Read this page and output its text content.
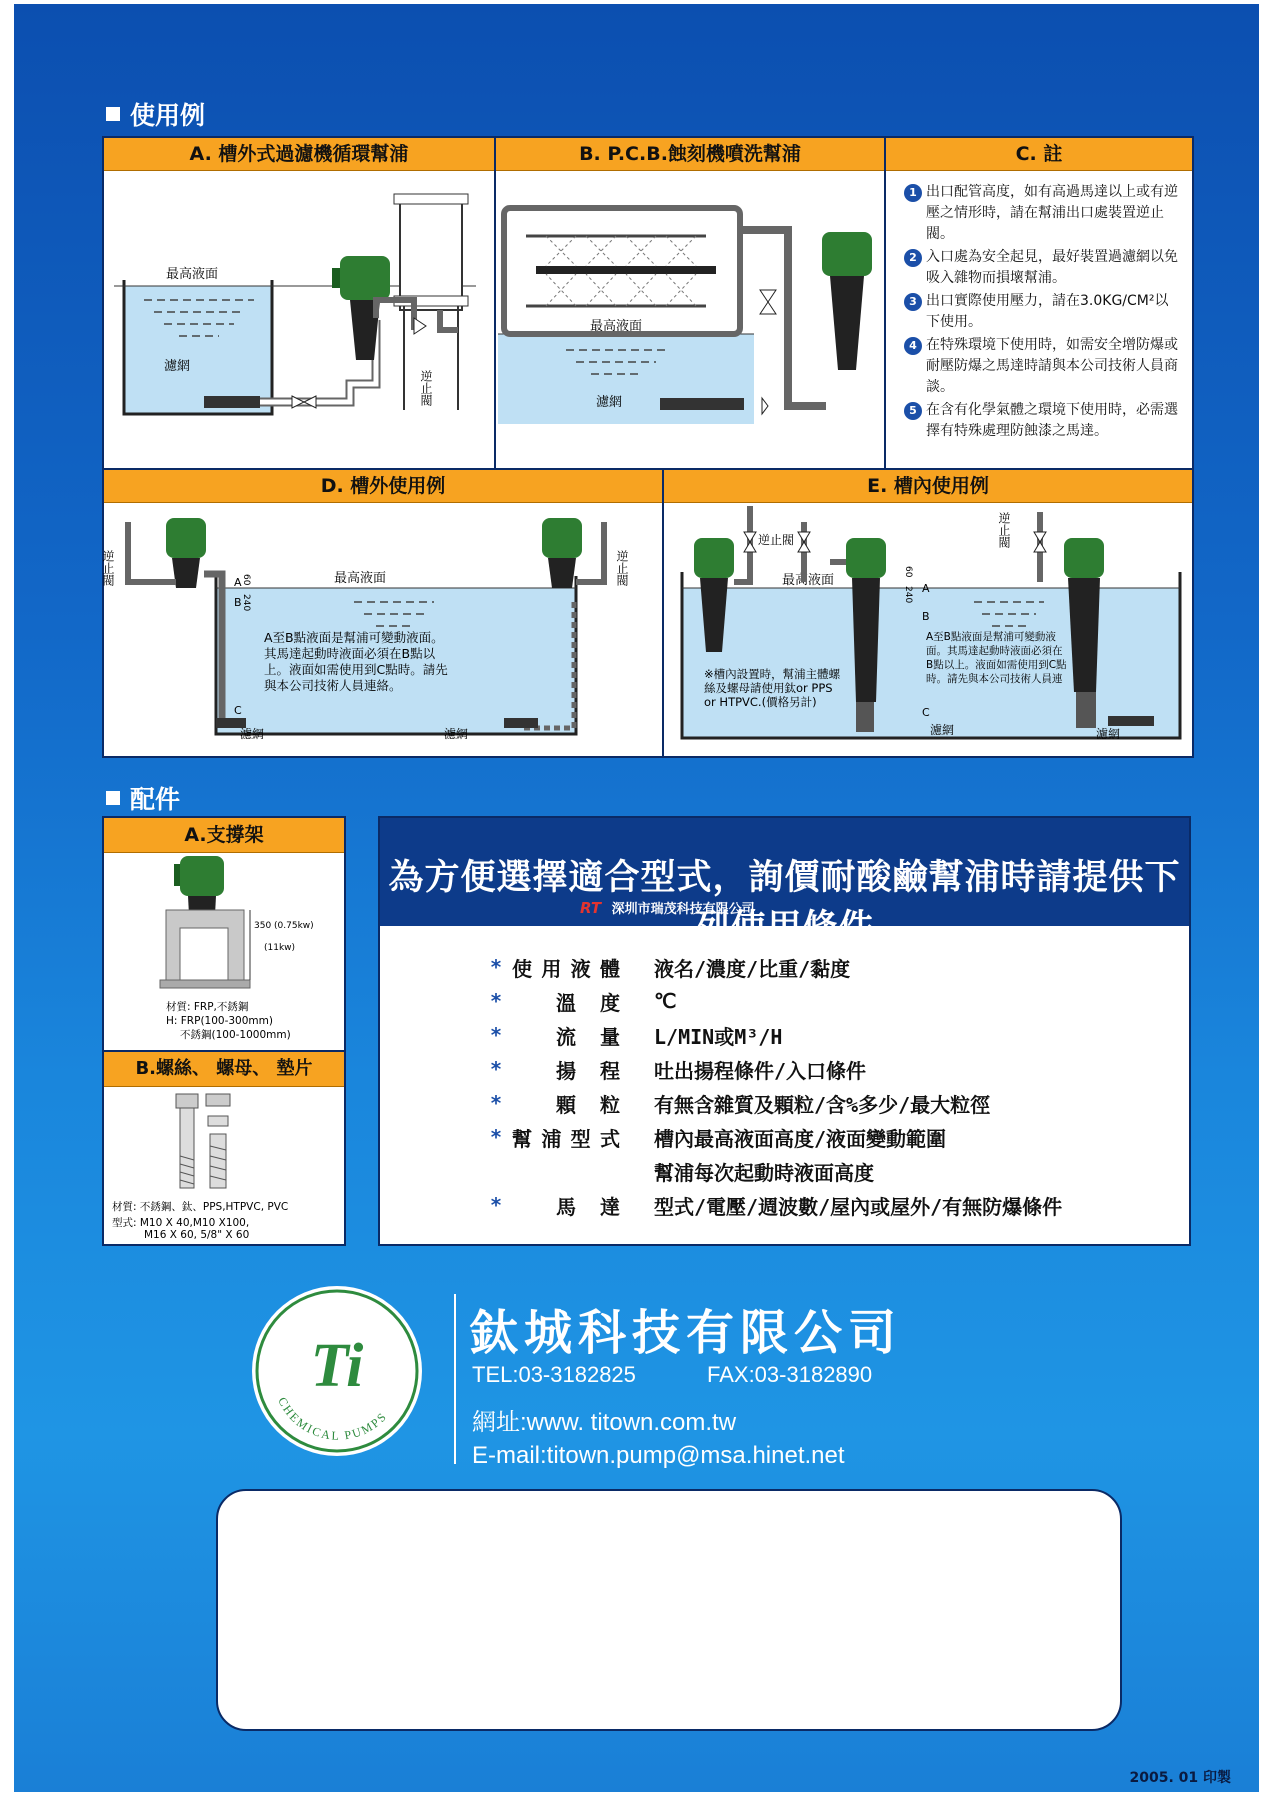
使用例
A. 槽外式過濾機循環幫浦
最高液面
濾網
逆止閥
B. P.C.B.蝕刻機噴洗幫浦
最高液面
濾網
C. 註
1 出口配管高度，如有高過馬達以上或有逆壓之情形時，請在幫浦出口處裝置逆止閥。
2 入口處為安全起見，最好裝置過濾網以免吸入雜物而損壞幫浦。
3 出口實際使用壓力，請在3.0KG/CM²以下使用。
4 在特殊環境下使用時，如需安全增防爆或耐壓防爆之馬達時請與本公司技術人員商談。
5 在含有化學氣體之環境下使用時，必需選擇有特殊處理防蝕漆之馬達。
D. 槽外使用例
最高液面
A至B點液面是幫浦可變動液面。
其馬達起動時液面必須在B點以
上。液面如需使用到C點時。請先
與本公司技術人員連絡。
A
B
C
240
60
濾網
逆止閥
濾網
逆止閥
E. 槽內使用例
最高液面
※槽內設置時，幫浦主體螺
絲及螺母請使用鈦or PPS
or HTPVC.(價格另計)
A至B點液面是幫浦可變動液
面。其馬達起動時液面必須在
B點以上。液面如需使用到C點
時。請先與本公司技術人員連
A
B
C
240
60
逆止閥	逆止閥
濾網
濾網
配件
A.支撐架
350 (0.75kw)
(11kw)
材質: FRP,不銹鋼
H: FRP(100-300mm)
不銹鋼(100-1000mm)
B.螺絲、 螺母、 墊片
材質: 不銹鋼、鈦、PPS,HTPVC, PVC
型式: M10 X 40,M10 X100,
M16 X 60, 5/8" X 60
為方便選擇適合型式，詢價耐酸鹼幫浦時請提供下列使用條件
RT 深圳市瑞茂科技有限公司
* 使用液體 液名/濃度/比重/黏度
*	溫度 ℃
*	流量 L/MIN或M³/H
*	揚程 吐出揚程條件/入口條件
*	顆粒 有無含雜質及顆粒/含%多少/最大粒徑
* 幫浦型式 槽內最高液面高度/液面變動範圍
幫浦每次起動時液面高度
*	馬達 型式/電壓/週波數/屋內或屋外/有無防爆條件
Ti
CHEMICAL PUMPS
鈦城科技有限公司
TEL:03-3182825	FAX:03-3182890
網址:www. titown.com.tw
E-mail:titown.pump@msa.hinet.net
2005. 01 印製
